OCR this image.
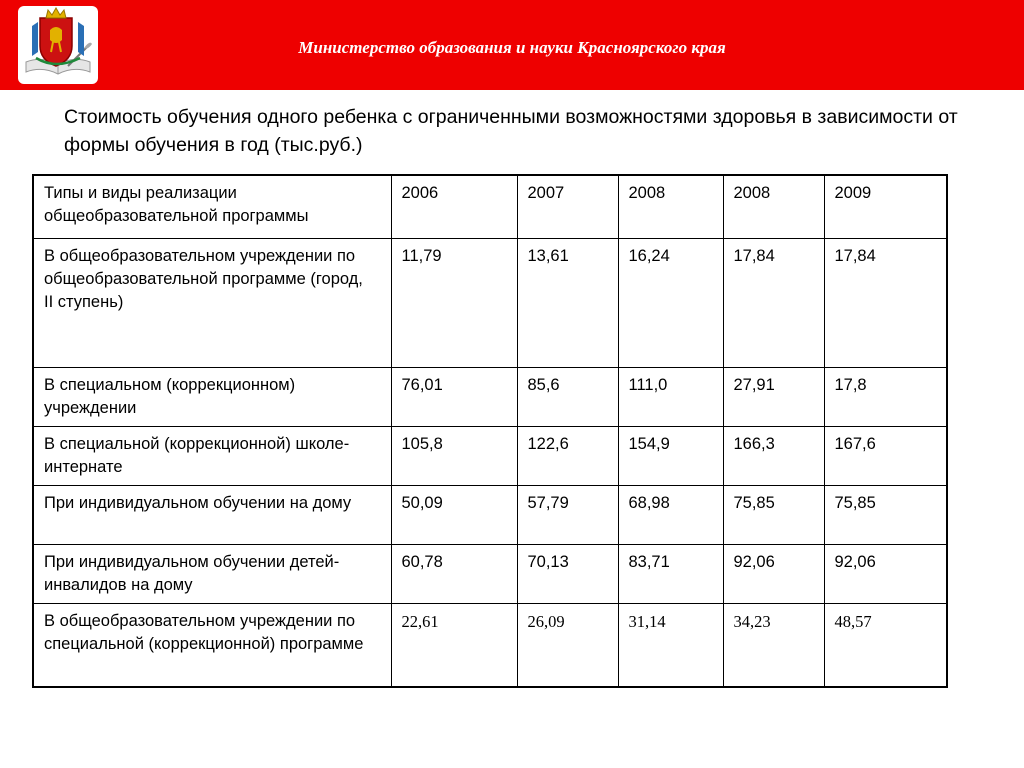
Министерство образования и науки Красноярского края
Стоимость обучения одного ребенка с ограниченными возможностями здоровья в зависимости от формы обучения в год (тыс.руб.)
Типы и виды реализации общеобразовательной программы	2006	2007	2008	2008	2009

В общеобразовательном учреждении по общеобразовательной программе (город,
II ступень)	11,79	13,61	16,24	17,84	17,84
В специальном (коррекционном) учреждении	76,01	85,6	111,0	27,91	17,8
В специальной (коррекционной) школе-интернате	105,8	122,6	154,9	166,3	167,6
При индивидуальном обучении на дому	50,09	57,79	68,98	75,85	75,85
При индивидуальном обучении детей-инвалидов на дому	60,78	70,13	83,71	92,06	92,06
В общеобразовательном учреждении по специальной (коррекционной) программе	22,61	26,09	31,14	34,23	48,57
